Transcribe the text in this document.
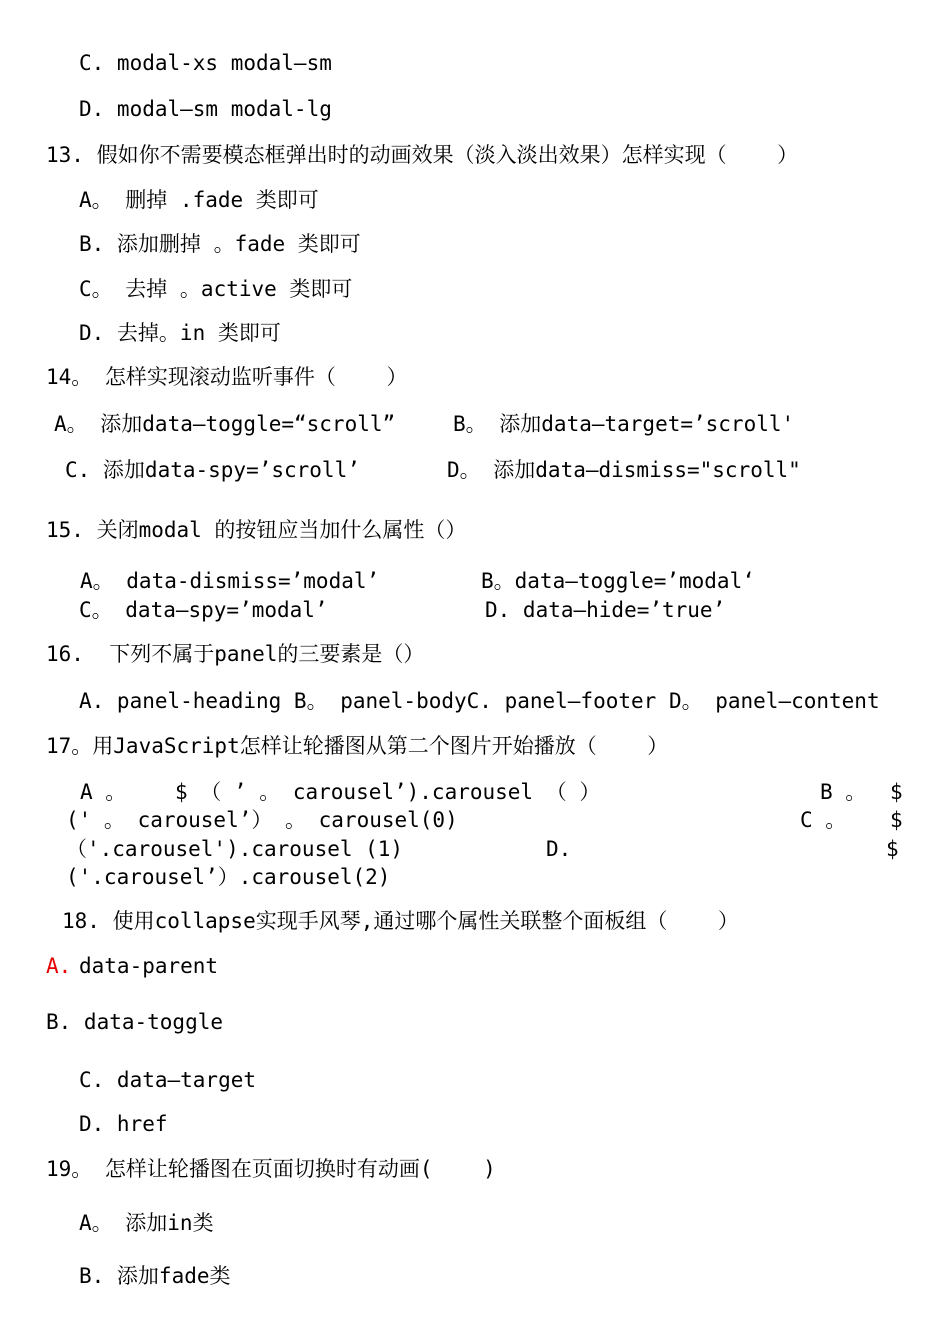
C. modal-xs modal—sm
D. modal—sm modal-lg
13. 假如你不需要模态框弹出时的动画效果（淡入淡出效果）怎样实现（    ）
A。 删掉 .fade 类即可
B. 添加删掉 。fade 类即可
C。 去掉 。active 类即可
D. 去掉。in 类即可
14。 怎样实现滚动监听事件（    ）
A。 添加data—toggle=“scroll”	B。 添加data—target=’scroll'
C. 添加data-spy=’scroll’	D。 添加data—dismiss="scroll"
15. 关闭modal 的按钮应当加什么属性（）
A。 data-dismiss=’modal’	B。data—toggle=’modal‘
C。 data—spy=’modal’	D. data—hide=’true’
16.  下列不属于panel的三要素是（）
A. panel-heading B。 panel-bodyC. panel—footer D。 panel—content
17。用JavaScript怎样让轮播图从第二个图片开始播放（    ）
A 。 $ （ ’ 。 carousel’).carousel （ ）	B 。 $
(' 。 carousel’） 。 carousel(0)	C 。 $
（'.carousel').carousel (1)	D.	$
('.carousel’）.carousel(2)
18. 使用collapse实现手风琴,通过哪个属性关联整个面板组（    ）
A. data-parent
B. data-toggle
C. data—target
D. href
19。 怎样让轮播图在页面切换时有动画(    )
A。 添加in类
B. 添加fade类
